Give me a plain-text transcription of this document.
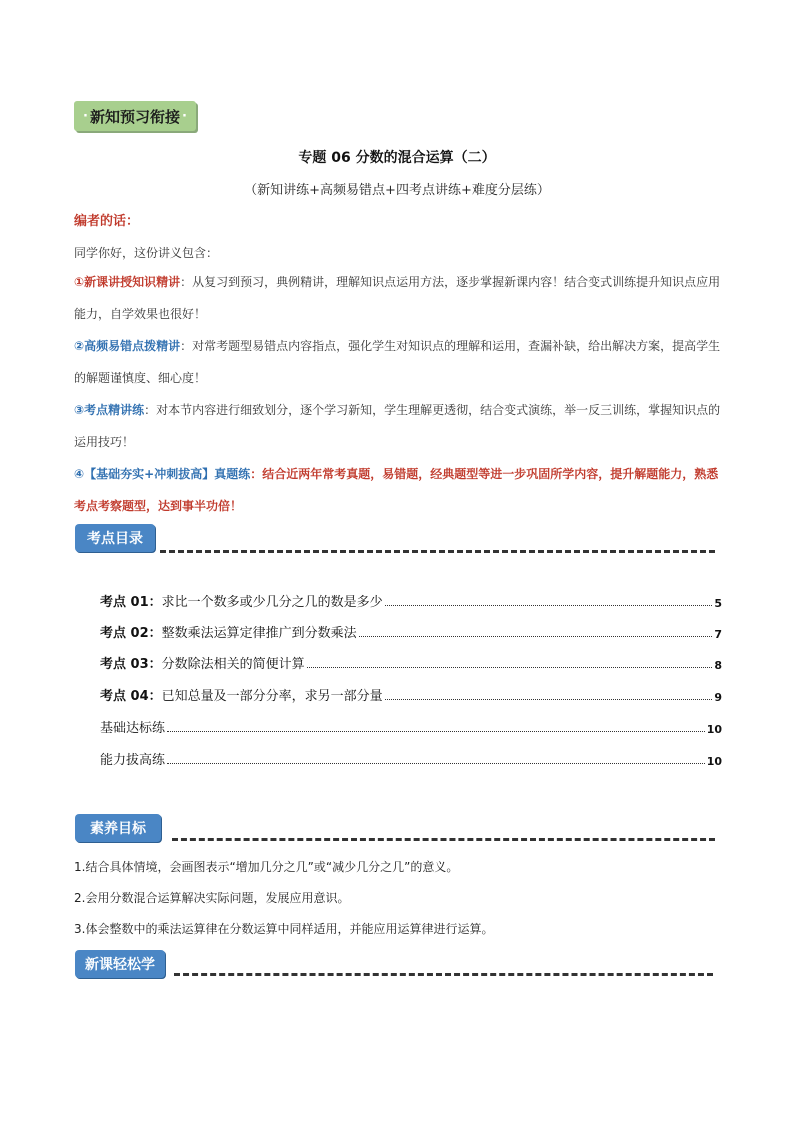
· 新知预习衔接 ·
专题 06 分数的混合运算（二）
（新知讲练+高频易错点+四考点讲练+难度分层练）
编者的话：
同学你好，这份讲义包含：
①新课讲授知识精讲：从复习到预习，典例精讲，理解知识点运用方法，逐步掌握新课内容！结合变式训练提升知识点应用能力，自学效果也很好！
②高频易错点拨精讲：对常考题型易错点内容指点，强化学生对知识点的理解和运用，查漏补缺，给出解决方案，提高学生的解题谨慎度、细心度！
③考点精讲练：对本节内容进行细致划分，逐个学习新知，学生理解更透彻，结合变式演练，举一反三训练，掌握知识点的运用技巧！
④【基础夯实+冲刺拔高】真题练：结合近两年常考真题，易错题，经典题型等进一步巩固所学内容，提升解题能力，熟悉考点考察题型，达到事半功倍！
考点目录
考点 01： 求比一个数多或少几分之几的数是多少	5
考点 02： 整数乘法运算定律推广到分数乘法	7
考点 03： 分数除法相关的简便计算	8
考点 04： 已知总量及一部分分率，求另一部分量	9
基础达标练	10
能力拔高练	10
素养目标
1.结合具体情境，会画图表示“增加几分之几”或“减少几分之几”的意义。
2.会用分数混合运算解决实际问题，发展应用意识。
3.体会整数中的乘法运算律在分数运算中同样适用，并能应用运算律进行运算。
新课轻松学
